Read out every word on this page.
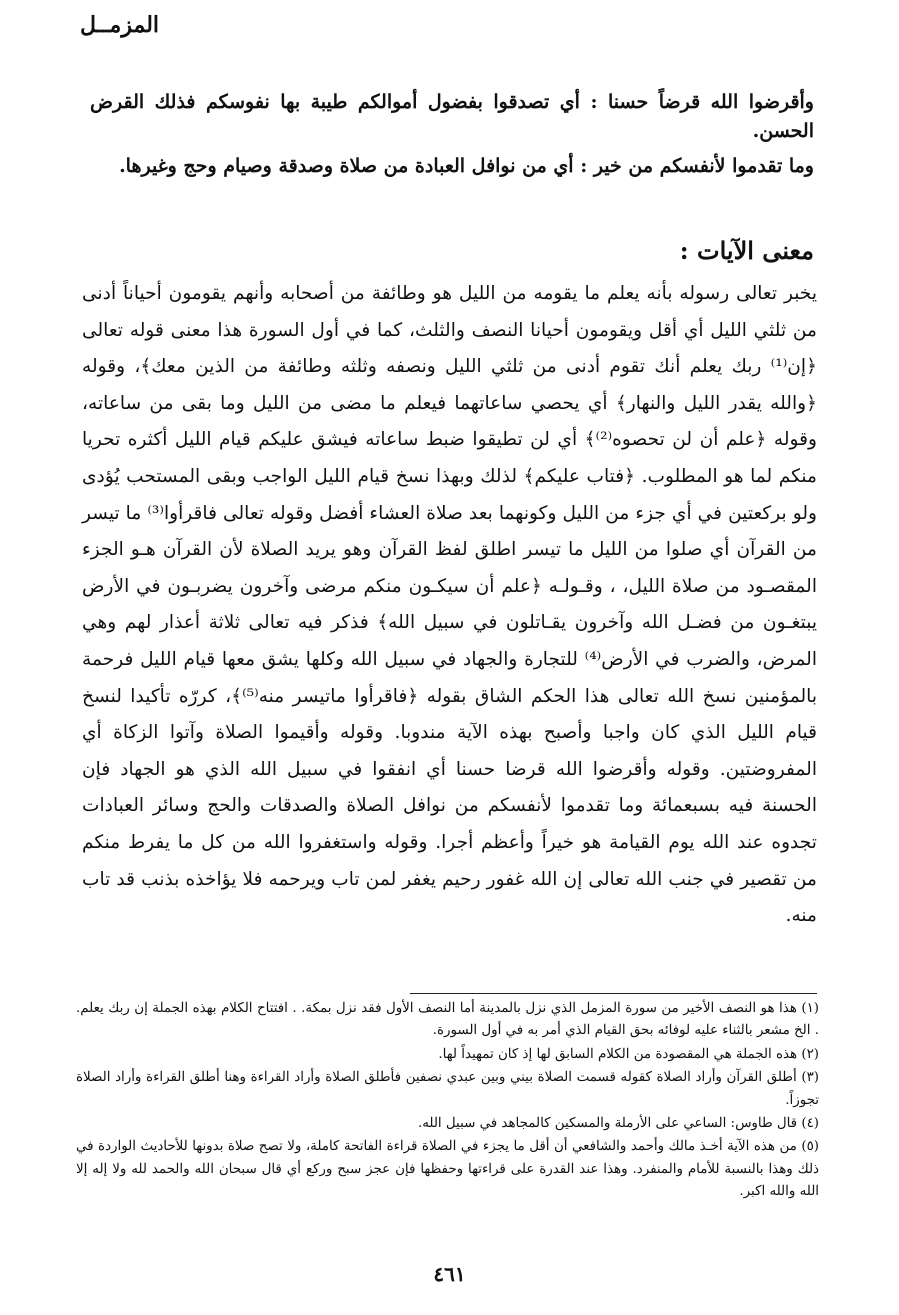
المزمــل
وأقرضوا الله قرضاً حسنا : أي تصدقوا بفضول أموالكم طيبة بها نفوسكم فذلك القرض الحسن.
وما تقدموا لأنفسكم من خير : أي من نوافل العبادة من صلاة وصدقة وصيام وحج وغيرها.
معنى الآيات :

يخبر تعالى رسوله بأنه يعلم ما يقومه من الليل هو وطائفة من أصحابه وأنهم يقومون أحياناً أدنى من ثلثي الليل أي أقل ويقومون أحيانا النصف والثلث، كما في أول السورة هذا معنى قوله تعالى ﴿إن⁽¹⁾ ربك يعلم أنك تقوم أدنى من ثلثي الليل ونصفه وثلثه وطائفة من الذين معك﴾، وقوله ﴿والله يقدر الليل والنهار﴾ أي يحصي ساعاتهما فيعلم ما مضى من الليل وما بقى من ساعاته، وقوله ﴿علم أن لن تحصوه⁽²⁾﴾ أي لن تطيقوا ضبط ساعاته فيشق عليكم قيام الليل أكثره تحريا منكم لما هو المطلوب. ﴿فتاب عليكم﴾ لذلك وبهذا نسخ قيام الليل الواجب وبقى المستحب يُؤدى ولو بركعتين في أي جزء من الليل وكونهما بعد صلاة العشاء أفضل وقوله تعالى فاقرأوا⁽³⁾ ما تيسر من القرآن أي صلوا من الليل ما تيسر اطلق لفظ القرآن وهو يريد الصلاة لأن القرآن هـو الجزء المقصـود من صلاة الليل، ، وقـولـه ﴿علم أن سيكـون منكم مرضى وآخرون يضربـون في الأرض يبتغـون من فضـل الله وآخرون يقـاتلون في سبيل الله﴾ فذكر فيه تعالى ثلاثة أعذار لهم وهي المرض، والضرب في الأرض⁽⁴⁾ للتجارة والجهاد في سبيل الله وكلها يشق معها قيام الليل فرحمة بالمؤمنين نسخ الله تعالى هذا الحكم الشاق بقوله ﴿فاقرأوا ماتيسر منه⁽⁵⁾﴾، كررّه تأكيدا لنسخ قيام الليل الذي كان واجبا وأصبح بهذه الآية مندوبا. وقوله وأقيموا الصلاة وآتوا الزكاة أي المفروضتين. وقوله وأقرضوا الله قرضا حسنا أي انفقوا في سبيل الله الذي هو الجهاد فإن الحسنة فيه بسبعمائة وما تقدموا لأنفسكم من نوافل الصلاة والصدقات والحج وسائر العبادات تجدوه عند الله يوم القيامة هو خيراً وأعظم أجرا. وقوله واستغفروا الله من كل ما يفرط منكم من تقصير في جنب الله تعالى إن الله غفور رحيم يغفر لمن تاب ويرحمه فلا يؤاخذه بذنب قد تاب منه.

(١) هذا هو النصف الأخير من سورة المزمل الذي نزل بالمدينة أما النصف الأول فقد نزل بمكة. . افتتاح الكلام بهذه الجملة إن ربك يعلم. . الخ مشعر بالثناء عليه لوفائه بحق القيام الذي أمر به في أول السورة.

(٢) هذه الجملة هي المقصودة من الكلام السابق لها إذ كان تمهيداً لها.

(٣) أطلق القرآن وأراد الصلاة كقوله قسمت الصلاة بيني وبين عبدي نصفين فأطلق الصلاة وأراد القراءة وهنا أطلق القراءة وأراد الصلاة تجوزاً.

(٤) قال طاوس: الساعي على الأرملة والمسكين كالمجاهد في سبيل الله.

(٥) من هذه الآية أخـذ مالك وأحمد والشافعي أن أقل ما يجزء في الصلاة قراءة الفاتحة كاملة، ولا تصح صلاة بدونها للأحاديث الواردة في ذلك وهذا بالنسبة للأمام والمنفرد. وهذا عند القدرة على قراءتها وحفظها فإن عجز سبح وركع أي قال سبحان الله والحمد لله ولا إله إلا الله والله اكبر.

٤٦١
